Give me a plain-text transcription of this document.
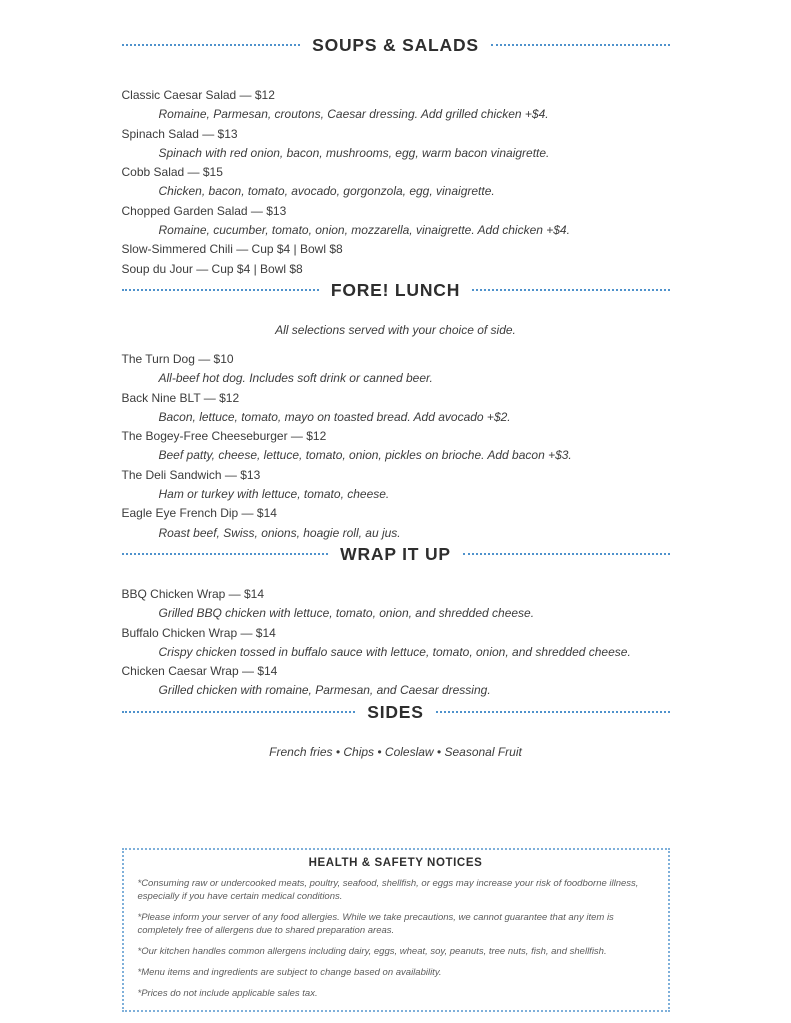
SOUPS & SALADS
Classic Caesar Salad — $12
Romaine, Parmesan, croutons, Caesar dressing. Add grilled chicken +$4.
Spinach Salad — $13
Spinach with red onion, bacon, mushrooms, egg, warm bacon vinaigrette.
Cobb Salad — $15
Chicken, bacon, tomato, avocado, gorgonzola, egg, vinaigrette.
Chopped Garden Salad — $13
Romaine, cucumber, tomato, onion, mozzarella, vinaigrette. Add chicken +$4.
Slow-Simmered Chili — Cup $4 | Bowl $8
Soup du Jour — Cup $4 | Bowl $8
FORE! LUNCH
All selections served with your choice of side.
The Turn Dog — $10
All-beef hot dog. Includes soft drink or canned beer.
Back Nine BLT — $12
Bacon, lettuce, tomato, mayo on toasted bread. Add avocado +$2.
The Bogey-Free Cheeseburger — $12
Beef patty, cheese, lettuce, tomato, onion, pickles on brioche. Add bacon +$3.
The Deli Sandwich — $13
Ham or turkey with lettuce, tomato, cheese.
Eagle Eye French Dip — $14
Roast beef, Swiss, onions, hoagie roll, au jus.
WRAP IT UP
BBQ Chicken Wrap — $14
Grilled BBQ chicken with lettuce, tomato, onion, and shredded cheese.
Buffalo Chicken Wrap — $14
Crispy chicken tossed in buffalo sauce with lettuce, tomato, onion, and shredded cheese.
Chicken Caesar Wrap — $14
Grilled chicken with romaine, Parmesan, and Caesar dressing.
SIDES
French fries • Chips • Coleslaw • Seasonal Fruit
HEALTH & SAFETY NOTICES

*Consuming raw or undercooked meats, poultry, seafood, shellfish, or eggs may increase your risk of foodborne illness, especially if you have certain medical conditions.

*Please inform your server of any food allergies. While we take precautions, we cannot guarantee that any item is completely free of allergens due to shared preparation areas.

*Our kitchen handles common allergens including dairy, eggs, wheat, soy, peanuts, tree nuts, fish, and shellfish.

*Menu items and ingredients are subject to change based on availability.

*Prices do not include applicable sales tax.
